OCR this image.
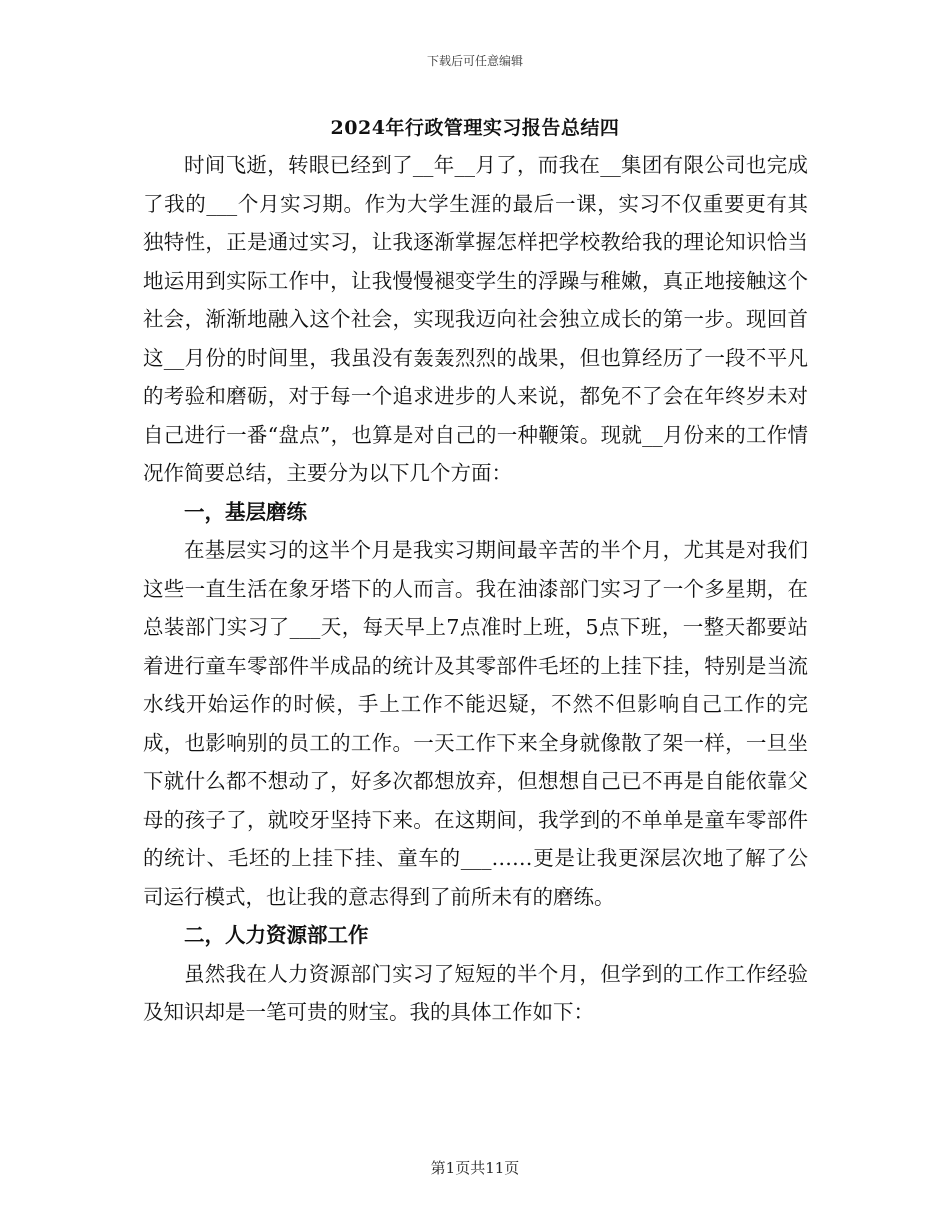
下载后可任意编辑
2024年行政管理实习报告总结四

时间飞逝，转眼已经到了__年__月了，而我在__集团有限公司也完成了我的___个月实习期。作为大学生涯的最后一课，实习不仅重要更有其独特性，正是通过实习，让我逐渐掌握怎样把学校教给我的理论知识恰当地运用到实际工作中，让我慢慢褪变学生的浮躁与稚嫩，真正地接触这个社会，渐渐地融入这个社会，实现我迈向社会独立成长的第一步。现回首这__月份的时间里，我虽没有轰轰烈烈的战果，但也算经历了一段不平凡的考验和磨砺，对于每一个追求进步的人来说，都免不了会在年终岁未对自己进行一番“盘点”，也算是对自己的一种鞭策。现就__月份来的工作情况作简要总结，主要分为以下几个方面：

一，基层磨练

在基层实习的这半个月是我实习期间最辛苦的半个月，尤其是对我们这些一直生活在象牙塔下的人而言。我在油漆部门实习了一个多星期，在总装部门实习了___天，每天早上7点准时上班，5点下班，一整天都要站着进行童车零部件半成品的统计及其零部件毛坯的上挂下挂，特别是当流水线开始运作的时候，手上工作不能迟疑，不然不但影响自己工作的完成，也影响别的员工的工作。一天工作下来全身就像散了架一样，一旦坐下就什么都不想动了，好多次都想放弃，但想想自己已不再是自能依靠父母的孩子了，就咬牙坚持下来。在这期间，我学到的不单单是童车零部件的统计、毛坯的上挂下挂、童车的___……更是让我更深层次地了解了公司运行模式，也让我的意志得到了前所未有的磨练。

二，人力资源部工作

虽然我在人力资源部门实习了短短的半个月，但学到的工作工作经验及知识却是一笔可贵的财宝。我的具体工作如下：

第1页共11页
